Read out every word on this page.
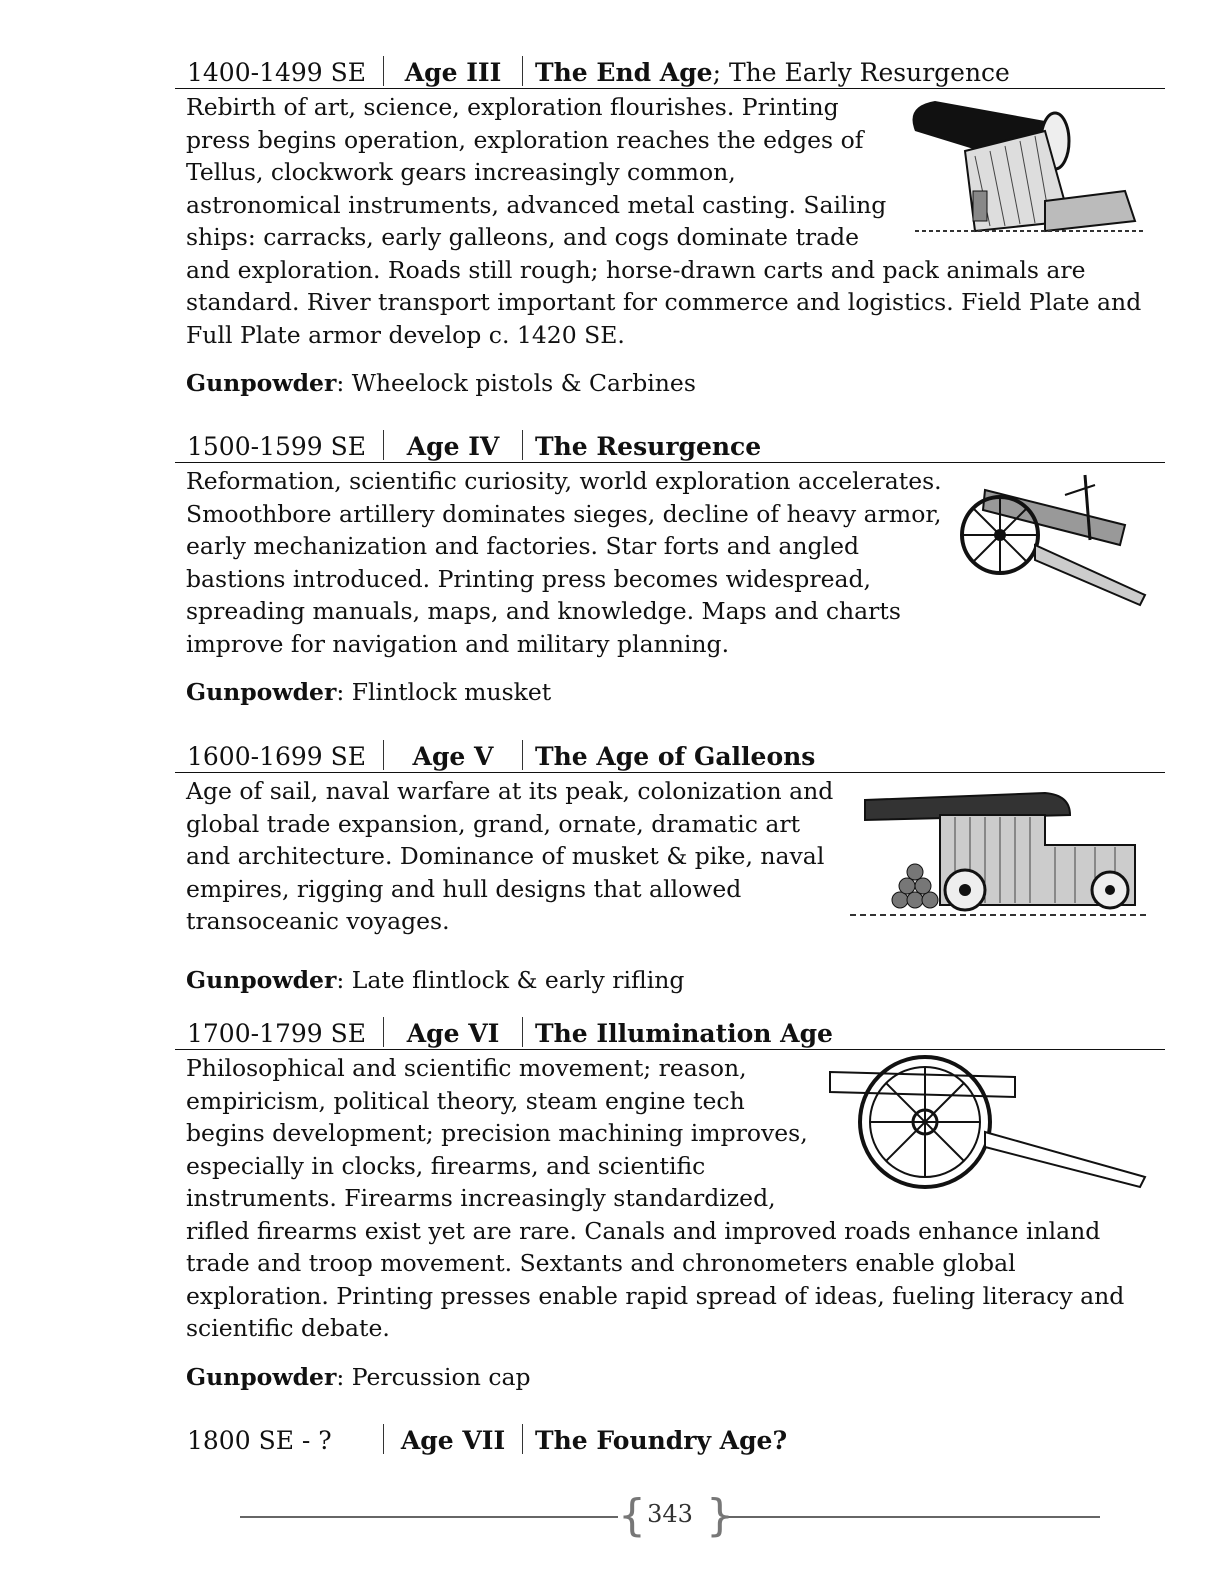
1400-1499 SE	Age III	The End Age; The Early Resurgence
Rebirth of art, science, exploration flourishes. Printing press begins operation, exploration reaches the edges of Tellus, clockwork gears increasingly common, astronomical instruments, advanced metal casting. Sailing ships: carracks, early galleons, and cogs dominate trade and exploration. Roads still rough; horse-drawn carts and pack animals are standard. River transport important for commerce and logistics. Field Plate and Full Plate armor develop c. 1420 SE.
Gunpowder: Wheelock pistols & Carbines
1500-1599 SE	Age IV	The Resurgence
Reformation, scientific curiosity, world exploration accelerates. Smoothbore artillery dominates sieges, decline of heavy armor, early mechanization and factories. Star forts and angled bastions introduced. Printing press becomes widespread, spreading manuals, maps, and knowledge. Maps and charts improve for navigation and military planning.
Gunpowder: Flintlock musket
1600-1699 SE	Age V	The Age of Galleons
Age of sail, naval warfare at its peak, colonization and global trade expansion, grand, ornate, dramatic art and architecture. Dominance of musket & pike, naval empires, rigging and hull designs that allowed transoceanic voyages.
Gunpowder: Late flintlock & early rifling
1700-1799 SE	Age VI	The Illumination Age
Philosophical and scientific movement; reason, empiricism, political theory, steam engine tech begins development; precision machining improves, especially in clocks, firearms, and scientific instruments. Firearms increasingly standardized, rifled firearms exist yet are rare. Canals and improved roads enhance inland trade and troop movement. Sextants and chronometers enable global exploration. Printing presses enable rapid spread of ideas, fueling literacy and scientific debate.
Gunpowder: Percussion cap
1800 SE - ?	Age VII	The Foundry Age?
{ 343 }
